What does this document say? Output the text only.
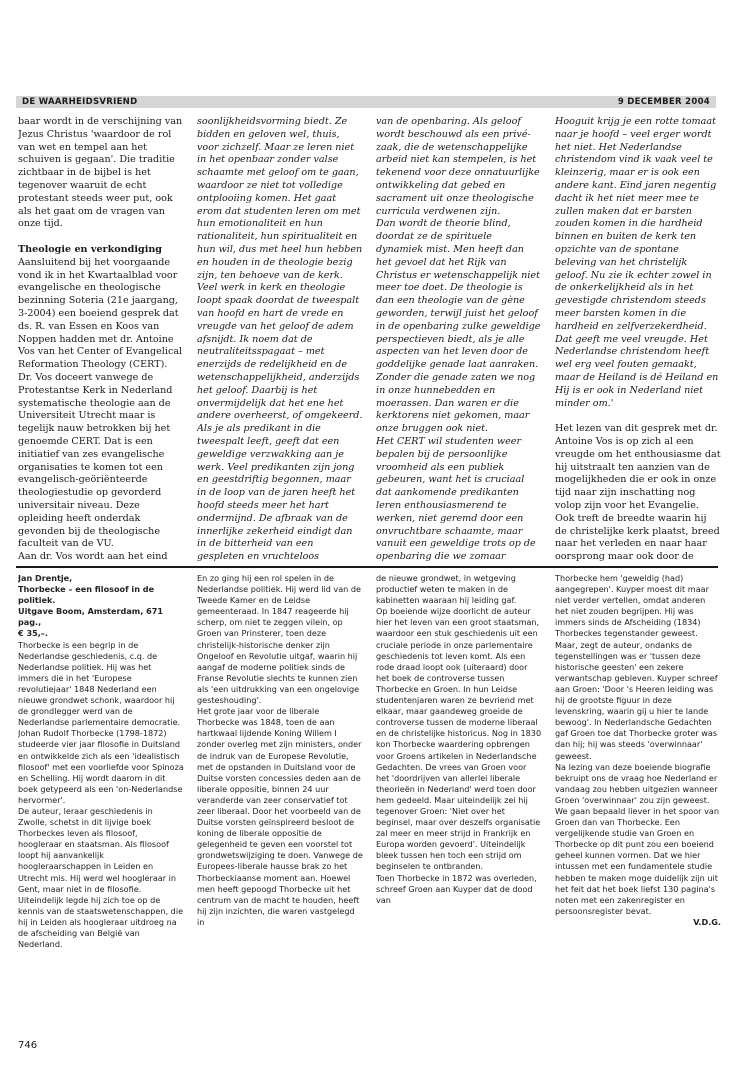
DE WAARHEIDSVRIEND	9 DECEMBER 2004

baar wordt in de verschijning van Jezus Christus 'waardoor de rol van wet en tempel aan het schuiven is gegaan'. Die traditie zichtbaar in de bijbel is het tegenover waaruit de echt protestant steeds weer put, ook als het gaat om de vragen van onze tijd.

Theologie en verkondiging

Aansluitend bij het voorgaande vond ik in het Kwartaalblad voor evangelische en theologische bezinning Soteria (21e jaargang, 3-2004) een boeiend gesprek dat ds. R. van Essen en Koos van Noppen hadden met dr. Antoine Vos van het Center of Evangelical Reformation Theology (CERT). Dr. Vos doceert vanwege de Protestantse Kerk in Nederland systematische theologie aan de Universiteit Utrecht maar is tegelijk nauw betrokken bij het genoemde CERT. Dat is een initiatief van zes evangelische organisaties te komen tot een evangelisch-geöriënteerde theologiestudie op gevorderd universitair niveau. Deze opleiding heeft onderdak gevonden bij de theologische faculteit van de VU.

Aan dr. Vos wordt aan het eind

soonlijkheidsvorming biedt. Ze bidden en geloven wel, thuis, voor zichzelf. Maar ze leren niet in het openbaar zonder valse schaamte met geloof om te gaan, waardoor ze niet tot volledige ontplooiing komen. Het gaat erom dat studenten leren om met hun emotionaliteit en hun rationaliteit, hun spiritualiteit en hun wil, dus met heel hun hebben en houden in de theologie bezig zijn, ten behoeve van de kerk.

Veel werk in kerk en theologie loopt spaak doordat de tweespalt van hoofd en hart de vrede en vreugde van het geloof de adem afsnijdt. Ik noem dat de neutraliteitsspagaat – met enerzijds de redelijkheid en de wetenschappelijkheid, anderzijds het geloof. Daarbij is het onvermijdelijk dat het ene het andere overheerst, of omgekeerd.

Als je als predikant in die tweespalt leeft, geeft dat een geweldige verzwakking aan je werk. Veel predikanten zijn jong en geestdriftig begonnen, maar in de loop van de jaren heeft het hoofd steeds meer het hart ondermijnd. De afbraak van de innerlijke zekerheid eindigt dan in de bitterheid van een gespleten en vruchteloos

van de openbaring. Als geloof wordt beschouwd als een privé-zaak, die de wetenschappelijke arbeid niet kan stempelen, is het tekenend voor deze onnatuurlijke ontwikkeling dat gebed en sacrament uit onze theologische curricula verdwenen zijn.

Dan wordt de theorie blind, doordat ze de spirituele dynamiek mist. Men heeft dan het gevoel dat het Rijk van Christus er wetenschappelijk niet meer toe doet. De theologie is dan een theologie van de gène geworden, terwijl juist het geloof in de openbaring zulke geweldige perspectieven biedt, als je alle aspecten van het leven door de goddelijke genade laat aanraken. Zonder die genade zaten we nog in onze hunnebedden en moerassen. Dan waren er die kerktorens niet gekomen, maar onze bruggen ook niet.

Het CERT wil studenten weer bepalen bij de persoonlijke vroomheid als een publiek gebeuren, want het is cruciaal dat aankomende predikanten leren enthousiasmerend te werken, niet geremd door een onvruchtbare schaamte, maar vanuit een geweldige trots op de openbaring die we zomaar

Hooguit krijg je een rotte tomaat naar je hoofd – veel erger wordt het niet. Het Nederlandse christendom vind ik vaak veel te kleinzerig, maar er is ook een andere kant. Eind jaren negentig dacht ik het niet meer mee te zullen maken dat er barsten zouden komen in die hardheid binnen en buiten de kerk ten opzichte van de spontane beleving van het christelijk geloof. Nu zie ik echter zowel in de onkerkelijkheid als in het gevestigde christendom steeds meer barsten komen in die hardheid en zelfverzekerdheid. Dat geeft me veel vreugde. Het Nederlandse christendom heeft wel erg veel fouten gemaakt, maar de Heiland is dé Heiland en Hij is er ook in Nederland niet minder om.'

Het lezen van dit gesprek met dr. Antoine Vos is op zich al een vreugde om het enthousiasme dat hij uitstraalt ten aanzien van de mogelijkheden die er ook in onze tijd naar zijn inschatting nog volop zijn voor het Evangelie. Ook treft de breedte waarin hij de christelijke kerk plaatst, breed naar het verleden en naar haar oorsprong maar ook door de

Jan Drentje,

Thorbecke – een filosoof in de politiek.

Uitgave Boom, Amsterdam, 671 pag.,

€ 35,–.

Thorbecke is een begrip in de Nederlandse geschiedenis, c.q. de Nederlandse politiek. Hij was het immers die in het 'Europese revolutiejaar' 1848 Nederland een nieuwe grondwet schonk, waardoor hij de grondlegger werd van de Nederlandse parlementaire democratie. Johan Rudolf Thorbecke (1798-1872) studeerde vier jaar filosofie in Duitsland en ontwikkelde zich als een 'idealistisch filosoof' met een voorliefde voor Spinoza en Schelling. Hij wordt daarom in dit boek getypeerd als een 'on-Nederlandse hervormer'.

De auteur, leraar geschiedenis in Zwolle, schetst in dit lijvige boek Thorbeckes leven als filosoof, hoogleraar en staatsman. Als filosoof loopt hij aanvankelijk hoogleraarschappen in Leiden en Utrecht mis. Hij werd wel hoogleraar in Gent, maar niet in de filosofie. Uiteindelijk legde hij zich toe op de kennis van de staatswetenschappen, die hij in Leiden als hoogleraar uitdroeg na de afscheiding van België van Nederland.

En zo ging hij een rol spelen in de Nederlandse politiek. Hij werd lid van de Tweede Kamer en de Leidse gemeenteraad. In 1847 reageerde hij scherp, om niet te zeggen vilein, op Groen van Prinsterer, toen deze christelijk-historische denker zijn Ongeloof en Revolutie uitgaf, waarin hij aangaf de moderne politiek sinds de Franse Revolutie slechts te kunnen zien als 'een uitdrukking van een ongelovige gesteshouding'.

Het grote jaar voor de liberale Thorbecke was 1848, toen de aan hartkwaal lijdende Koning Willem I zonder overleg met zijn ministers, onder de indruk van de Europese Revolutie, met de opstanden in Duitsland voor de Duitse vorsten concessies deden aan de liberale oppositie, binnen 24 uur veranderde van zeer conservatief tot zeer liberaal. Door het voorbeeld van de Duitse vorsten geïnspireerd besloot de koning de liberale oppositie de gelegenheid te geven een voorstel tot grondwetswijziging te doen. Vanwege de Europees-liberale hausse brak zo het Thorbeckiaanse moment aan. Hoewel men heeft gepoogd Thorbecke uit het centrum van de macht te houden, heeft hij zijn inzichten, die waren vastgelegd in

de nieuwe grondwet, in wetgeving productief weten te maken in de kabinetten waaraan hij leiding gaf.

Op boeiende wijze doorlicht de auteur hier het leven van een groot staatsman, waardoor een stuk geschiedenis uit een cruciale periode in onze parlementaire geschiedenis tot leven komt. Als een rode draad loopt ook (uiteraard) door het boek de controverse tussen Thorbecke en Groen. In hun Leidse studentenjaren waren ze bevriend met elkaar, maar gaandeweg groeide de controverse tussen de moderne liberaal en de christelijke historicus. Nog in 1830 kon Thorbecke waardering opbrengen voor Groens artikelen in Nederlandsche Gedachten. De vrees van Groen voor het 'doordrijven van allerlei liberale theorieën in Nederland' werd toen door hem gedeeld. Maar uiteindelijk zei hij tegenover Groen: 'Niet over het beginsel, maar over deszelfs organisatie zal meer en meer strijd in Frankrijk en Europa worden gevoerd'. Uiteindelijk bleek tussen hen toch een strijd om beginselen te ontbranden.

Toen Thorbecke in 1872 was overleden, schreef Groen aan Kuyper dat de dood van

Thorbecke hem 'geweldig (had) aangegrepen'. Kuyper moest dit maar niet verder vertellen, omdat anderen het niet zouden begrijpen. Hij was immers sinds de Afscheiding (1834) Thorbeckes tegenstander geweest. Maar, zegt de auteur, ondanks de tegenstellingen was er 'tussen deze historische geesten' een zekere verwantschap gebleven. Kuyper schreef aan Groen: 'Door 's Heeren leiding was hij de grootste figuur in deze levenskring, waarin gij u hier te lande bewoog'. In Nederlandsche Gedachten gaf Groen toe dat Thorbecke groter was dan hij; hij was steeds 'overwinnaar' geweest.

Na lezing van deze boeiende biografie bekruipt ons de vraag hoe Nederland er vandaag zou hebben uitgezien wanneer Groen 'overwinnaar' zou zijn geweest. We gaan bepaald liever in het spoor van Groen dan van Thorbecke. Een vergelijkende studie van Groen en Thorbecke op dit punt zou een boeiend geheel kunnen vormen. Dat we hier intussen met een fundamentele studie hebben te maken moge duidelijk zijn uit het feit dat het boek liefst 130 pagina's noten met een zakenregister en persoonsregister bevat.

V.D.G.

746
